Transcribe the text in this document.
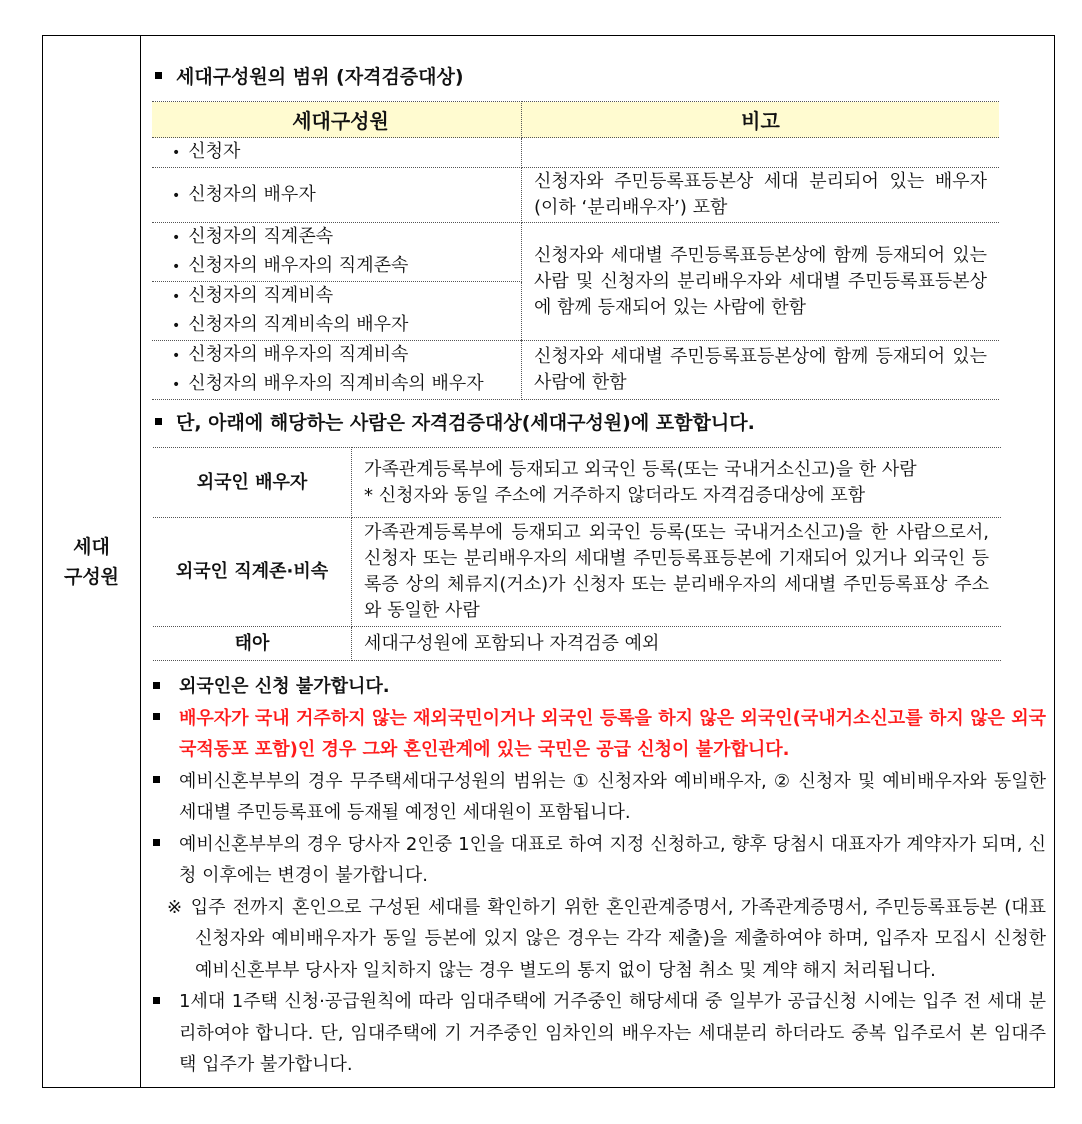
세대
구성원
세대구성원의 범위 (자격검증대상)
세대구성원	비고

• 신청자

• 신청자의 배우자	신청자와 주민등록표등본상 세대 분리되어 있는 배우자 (이하 ‘분리배우자’) 포함

• 신청자의 직계존속
• 신청자의 배우자의 직계존속	신청자와 세대별 주민등록표등본상에 함께 등재되어 있는 사람 및 신청자의 분리배우자와 세대별 주민등록표등본상에 함께 등재되어 있는 사람에 한함

• 신청자의 직계비속
• 신청자의 직계비속의 배우자

• 신청자의 배우자의 직계비속
• 신청자의 배우자의 직계비속의 배우자	신청자와 세대별 주민등록표등본상에 함께 등재되어 있는 사람에 한함
단, 아래에 해당하는 사람은 자격검증대상(세대구성원)에 포함합니다.
외국인 배우자	가족관계등록부에 등재되고 외국인 등록(또는 국내거소신고)을 한 사람
* 신청자와 동일 주소에 거주하지 않더라도 자격검증대상에 포함

외국인 직계존·비속	가족관계등록부에 등재되고 외국인 등록(또는 국내거소신고)을 한 사람으로서, 신청자 또는 분리배우자의 세대별 주민등록표등본에 기재되어 있거나 외국인 등록증 상의 체류지(거소)가 신청자 또는 분리배우자의 세대별 주민등록표상 주소와 동일한 사람
태아	세대구성원에 포함되나 자격검증 예외
외국인은 신청 불가합니다.
배우자가 국내 거주하지 않는 재외국민이거나 외국인 등록을 하지 않은 외국인(국내거소신고를 하지 않은 외국국적동포 포함)인 경우 그와 혼인관계에 있는 국민은 공급 신청이 불가합니다.
예비신혼부부의 경우 무주택세대구성원의 범위는 ① 신청자와 예비배우자, ② 신청자 및 예비배우자와 동일한 세대별 주민등록표에 등재될 예정인 세대원이 포함됩니다.
예비신혼부부의 경우 당사자 2인중 1인을 대표로 하여 지정 신청하고, 향후 당첨시 대표자가 계약자가 되며, 신청 이후에는 변경이 불가합니다.
※ 입주 전까지 혼인으로 구성된 세대를 확인하기 위한 혼인관계증명서, 가족관계증명서, 주민등록표등본 (대표 신청자와 예비배우자가 동일 등본에 있지 않은 경우는 각각 제출)을 제출하여야 하며, 입주자 모집시 신청한 예비신혼부부 당사자 일치하지 않는 경우 별도의 통지 없이 당첨 취소 및 계약 해지 처리됩니다.
1세대 1주택 신청·공급원칙에 따라 임대주택에 거주중인 해당세대 중 일부가 공급신청 시에는 입주 전 세대 분리하여야 합니다. 단, 임대주택에 기 거주중인 임차인의 배우자는 세대분리 하더라도 중복 입주로서 본 임대주택 입주가 불가합니다.
